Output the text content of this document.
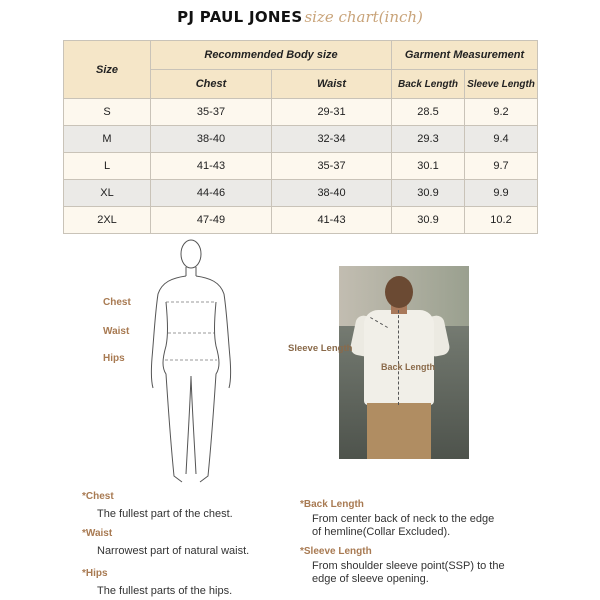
PJ PAUL JONES size chart(inch)
Size	Recommended Body size		Garment Measurement	
	Chest	Waist	Back Length	Sleeve Length
S	35-37	29-31	28.5	9.2
M	38-40	32-34	29.3	9.4
L	41-43	35-37	30.1	9.7
XL	44-46	38-40	30.9	9.9
2XL	47-49	41-43	30.9	10.2
Chest
Waist
Hips
Back Length
Sleeve Length
*Chest
The fullest part of the chest.
*Waist
Narrowest part of natural waist.
*Hips
The fullest parts of the hips.
*Back Length
From center back of neck to the edge
of hemline(Collar Excluded).
*Sleeve Length
From shoulder sleeve point(SSP) to the
edge of sleeve opening.
